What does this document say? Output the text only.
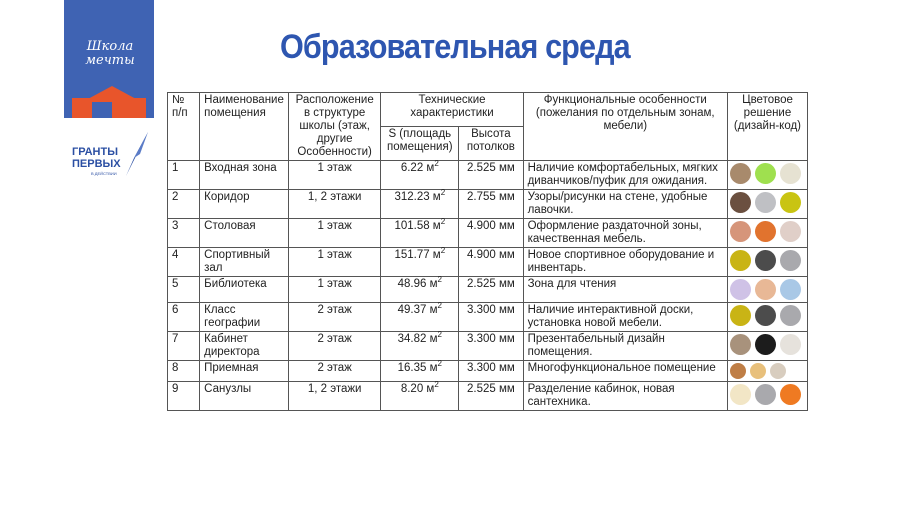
Школа
мечты
ГРАНТЫ
ПЕРВЫХ
В ДЕЙСТВИИ
Образовательная среда
№ п/п	Наименование помещения	Расположение в структуре школы (этаж, другие Особенности)	Технические характеристики		Функциональные особенности (пожелания по отдельным зонам, мебели)	Цветовое решение (дизайн-код)
			S (площадь помещения)	Высота потолков		
1	Входная зона	1 этаж	6.22 $м^2$	2.525 мм	Наличие комфортабельных, мягких диванчиков/пуфик для ожидания.	
2	Коридор	1, 2 этажи	312.23 $м^2$	2.755 мм	Узоры/рисунки на стене, удобные лавочки.	
3	Столовая	1 этаж	101.58 $м^2$	4.900 мм	Оформление раздаточной зоны, качественная мебель.	
4	Спортивный зал	1 этаж	151.77 $м^2$	4.900 мм	Новое спортивное оборудование и инвентарь.	
5	Библиотека	1 этаж	48.96 $м^2$	2.525 мм	Зона для чтения	
6	Класс географии	2 этаж	49.37 $м^2$	3.300 мм	Наличие интерактивной доски, установка новой мебели.	
7	Кабинет директора	2 этаж	34.82 $м^2$	3.300 мм	Презентабельный дизайн помещения.	
8	Приемная	2 этаж	16.35 $м^2$	3.300 мм	Многофункциональное помещение	
9	Санузлы	1, 2 этажи	8.20 $м^2$	2.525 мм	Разделение кабинок, новая сантехника.	
